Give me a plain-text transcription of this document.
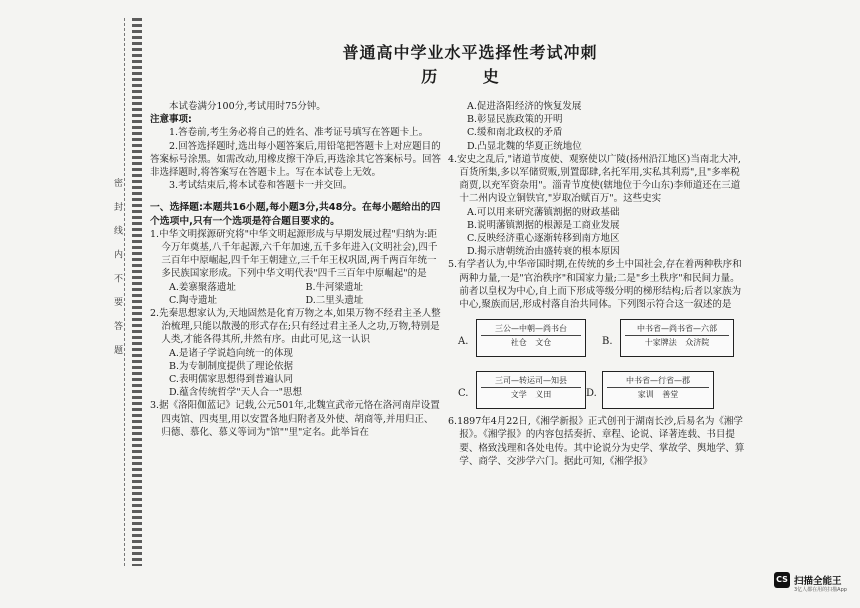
密 封 线 内 不 要 答 题
普通高中学业水平选择性考试冲刺
历 史

本试卷满分100分,考试用时75分钟。

注意事项:

1.答卷前,考生务必将自己的姓名、准考证号填写在答题卡上。

2.回答选择题时,选出每小题答案后,用铅笔把答题卡上对应题目的答案标号涂黑。如需改动,用橡皮擦干净后,再选涂其它答案标号。回答非选择题时,将答案写在答题卡上。写在本试卷上无效。

3.考试结束后,将本试卷和答题卡一并交回。

一、选择题:本题共16小题,每小题3分,共48分。在每小题给出的四个选项中,只有一个选项是符合题目要求的。

1.中华文明探源研究将"中华文明起源形成与早期发展过程"归纳为:距今万年奠基,八千年起源,六千年加速,五千多年进入(文明社会),四千三百年中原崛起,四千年王朝建立,三千年王权巩固,两千两百年统一多民族国家形成。下列中华文明代表"四千三百年中原崛起"的是

A.姜寨聚落遗址	B.牛河梁遗址
C.陶寺遗址	D.二里头遗址

2.先秦思想家认为,天地固然是化育万物之本,如果万物不经君主圣人整治梳理,只能以散漫的形式存在;只有经过君主圣人之功,万物,特别是人类,才能各得其所,井然有序。由此可见,这一认识

A.是诸子学说趋向统一的体现

B.为专制制度提供了理论依据

C.表明儒家思想得到普遍认同

D.蕴含传统哲学"天人合一"思想

3.据《洛阳伽蓝记》记载,公元501年,北魏宣武帝元恪在洛河南岸设置四夷馆、四夷里,用以安置各地归附者及外使、胡商等,并用归正、归德、慕化、慕义等词为"馆""里"定名。此举旨在

A.促进洛阳经济的恢复发展

B.彰显民族政策的开明

C.缓和南北政权的矛盾

D.凸显北魏的华夏正统地位

4.安史之乱后,"诸道节度使、观察使以广陵(扬州沿江地区)当南北大冲,百货所集,多以军储贸贩,别置邸肆,名托军用,实私其利焉",且"多率税商贾,以充军资杂用"。淄青节度使(辖地位于今山东)李师道还在三道十二州内设立铜铁官,"岁取冶赋百万"。这些史实

A.可以用来研究藩镇割据的财政基础

B.说明藩镇割据的根源是工商业发展

C.反映经济重心逐渐转移到南方地区

D.揭示唐朝统治由盛转衰的根本原因

5.有学者认为,中华帝国时期,在传统的乡土中国社会,存在着两种秩序和两种力量,一是"官治秩序"和国家力量;二是"乡土秩序"和民间力量。前者以皇权为中心,自上而下形成等级分明的梯形结构;后者以家族为中心,聚族而居,形成村落自治共同体。下列图示符合这一叙述的是

A.
三公—中朝—尚书台
社仓 文仓	B.
中书省—尚书省—六部
十家牌法 众济院
C.
三司—转运司—知县
文学 义田	D.
中书省—行省—郡
家训 善堂

6.1897年4月22日,《湘学新报》正式创刊于湖南长沙,后易名为《湘学报》。《湘学报》的内容包括奏折、章程、论说、译著连载、书目提要、格致浅理和各处电传。其中论说分为史学、掌故学、舆地学、算学、商学、交涉学六门。据此可知,《湘学报》

CS 扫描全能王
3亿人都在用的扫描App
